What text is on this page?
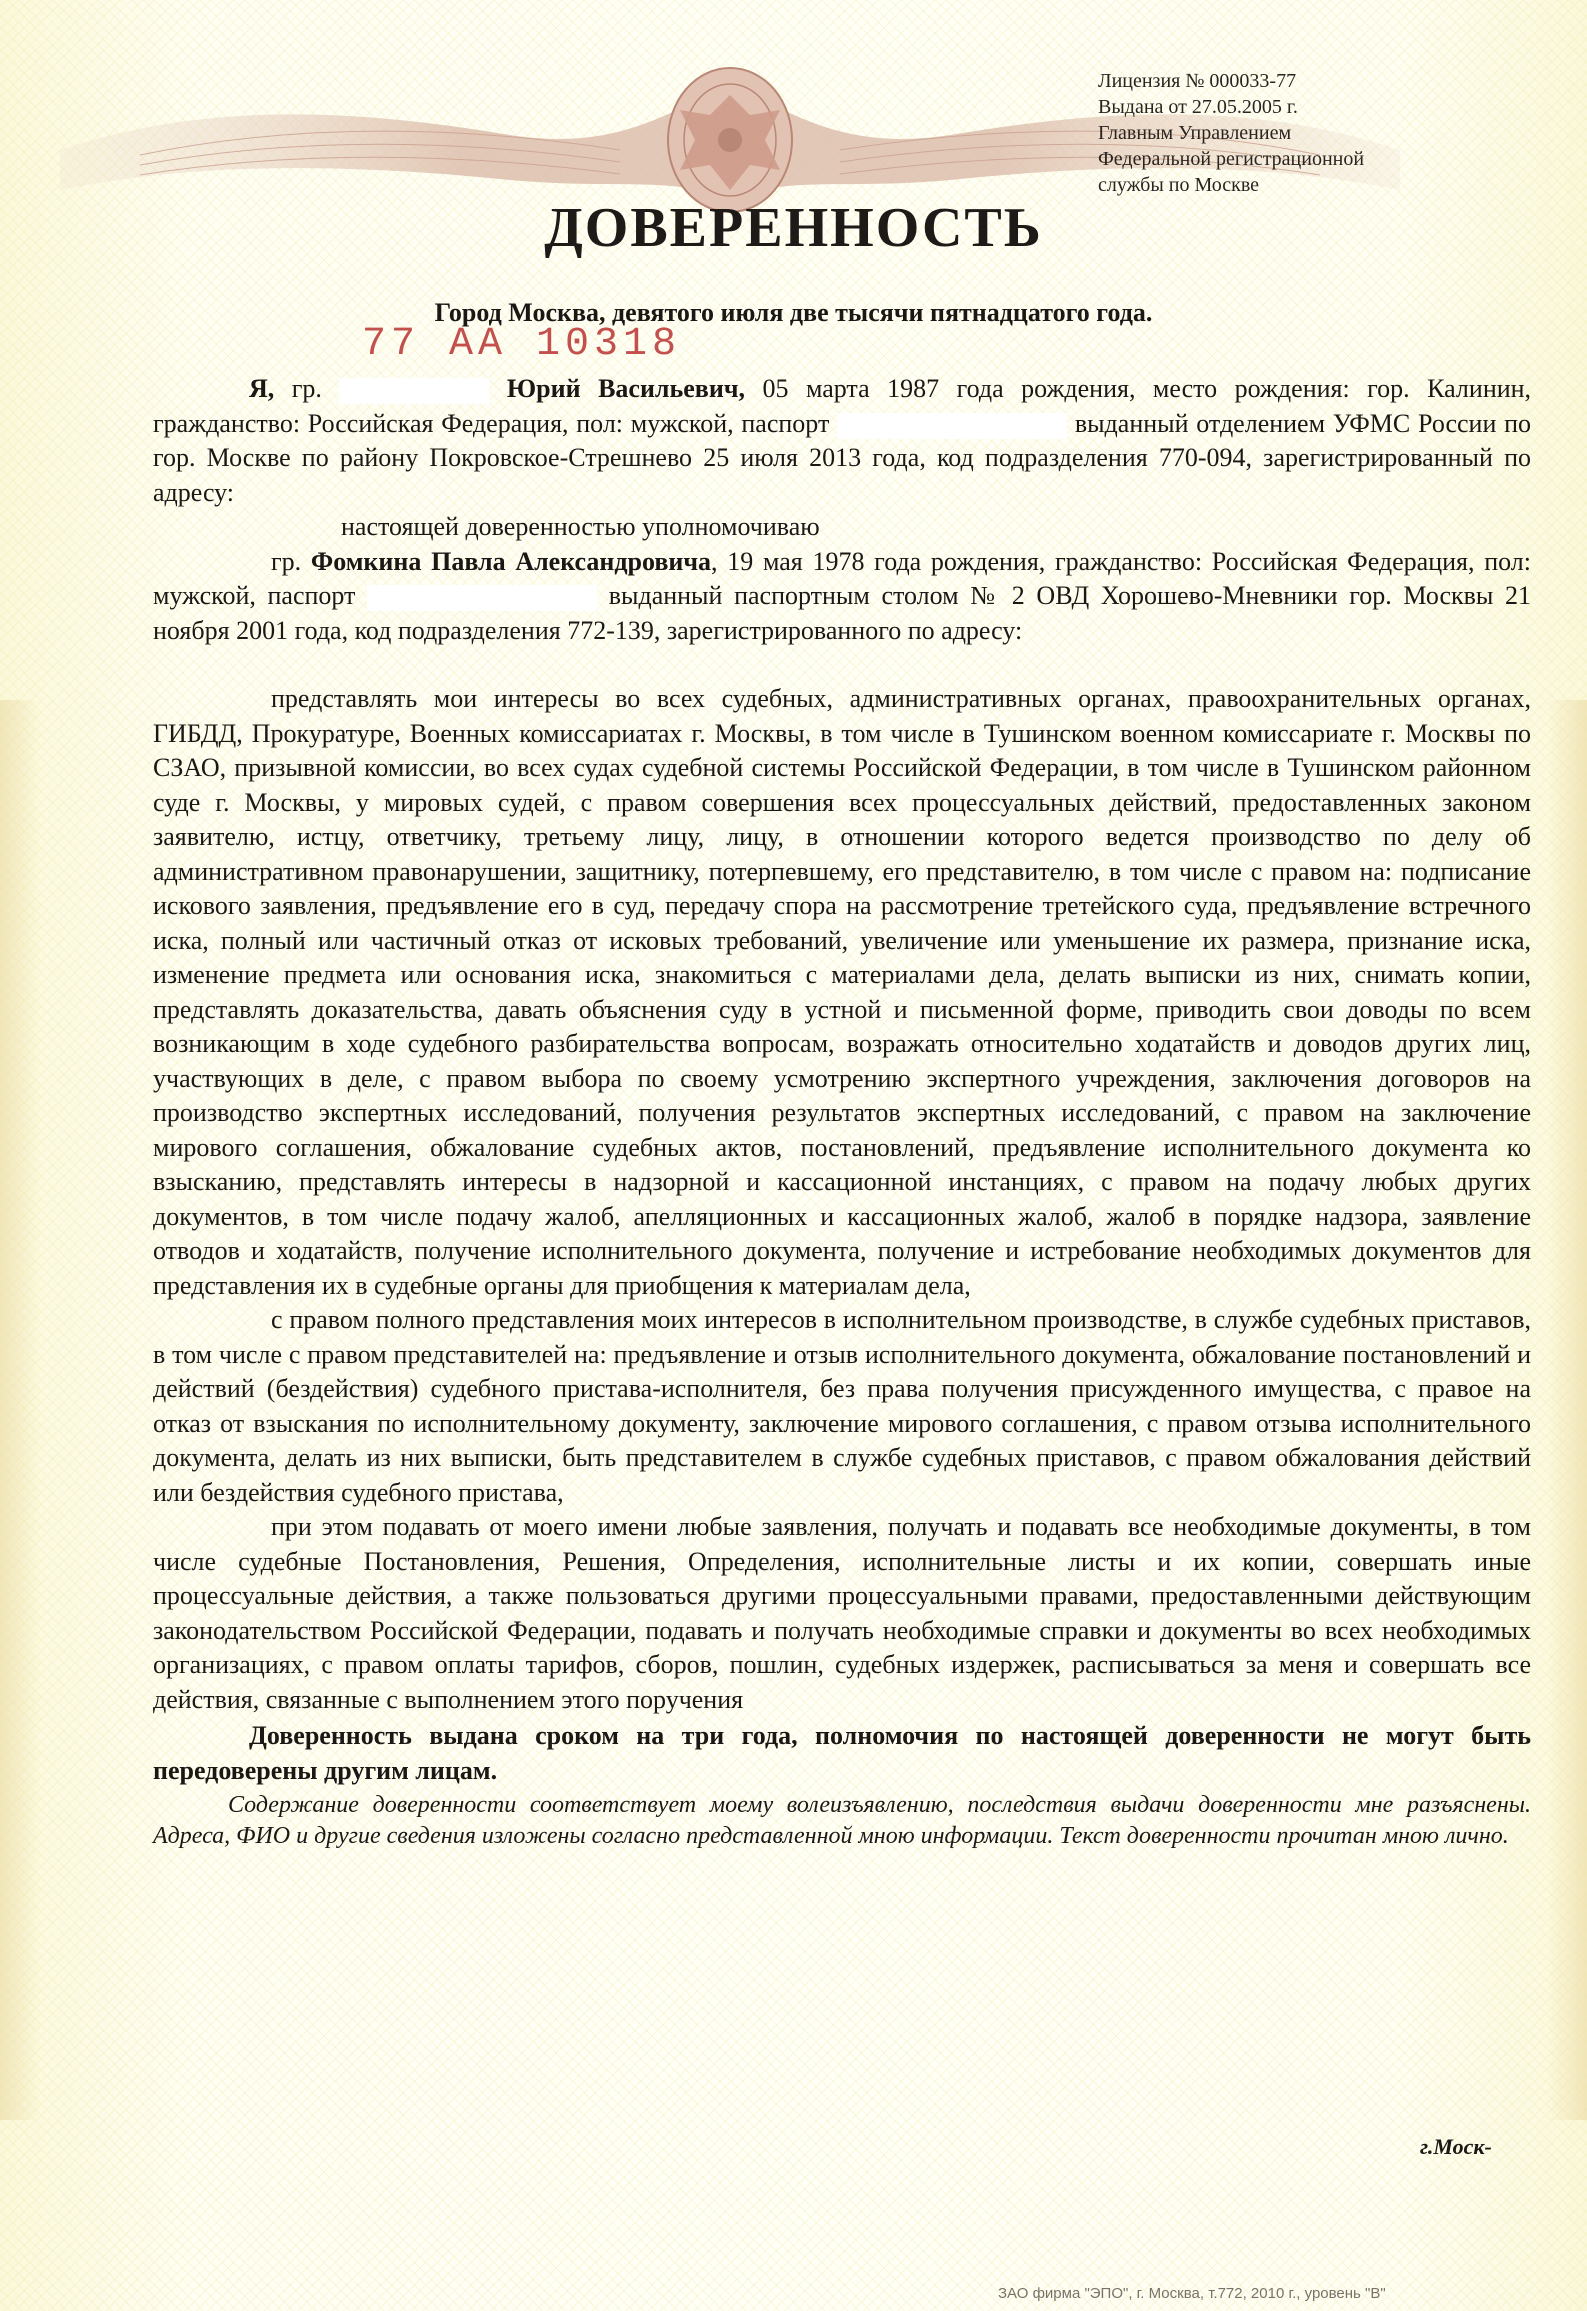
Лицензия № 000033-77
Выдана от 27.05.2005 г.
Главным Управлением
Федеральной регистрационной
службы по Москве
ДОВЕРЕННОСТЬ
Город Москва, девятого июля две тысячи пятнадцатого года.
77 АА 10318

Я, гр.	Юрий Васильевич, 05 марта 1987 года рождения, место рождения: гор. Калинин, гражданство: Российская Федерация, пол: мужской, паспорт	выданный отделением УФМС России по гор. Москве по району Покровское-Стрешнево 25 июля 2013 года, код подразделения 770-094, зарегистрированный по адресу:

настоящей доверенностью уполномочиваю

гр. Фомкина Павла Александровича, 19 мая 1978 года рождения, гражданство: Российская Федерация, пол: мужской, паспорт	выданный паспортным столом № 2 ОВД Хорошево-Мневники гор. Москвы 21 ноября 2001 года, код подразделения 772-139, зарегистрированного по адресу:

представлять мои интересы во всех судебных, административных органах, правоохранительных органах, ГИБДД, Прокуратуре, Военных комиссариатах г. Москвы, в том числе в Тушинском военном комиссариате г. Москвы по СЗАО, призывной комиссии, во всех судах судебной системы Российской Федерации, в том числе в Тушинском районном суде г. Москвы, у мировых судей, с правом совершения всех процессуальных действий, предоставленных законом заявителю, истцу, ответчику, третьему лицу, лицу, в отношении которого ведется производство по делу об административном правонарушении, защитнику, потерпевшему, его представителю, в том числе с правом на: подписание искового заявления, предъявление его в суд, передачу спора на рассмотрение третейского суда, предъявление встречного иска, полный или частичный отказ от исковых требований, увеличение или уменьшение их размера, признание иска, изменение предмета или основания иска, знакомиться с материалами дела, делать выписки из них, снимать копии, представлять доказательства, давать объяснения суду в устной и письменной форме, приводить свои доводы по всем возникающим в ходе судебного разбирательства вопросам, возражать относительно ходатайств и доводов других лиц, участвующих в деле, с правом выбора по своему усмотрению экспертного учреждения, заключения договоров на производство экспертных исследований, получения результатов экспертных исследований, с правом на заключение мирового соглашения, обжалование судебных актов, постановлений, предъявление исполнительного документа ко взысканию, представлять интересы в надзорной и кассационной инстанциях, с правом на подачу любых других документов, в том числе подачу жалоб, апелляционных и кассационных жалоб, жалоб в порядке надзора, заявление отводов и ходатайств, получение исполнительного документа, получение и истребование необходимых документов для представления их в судебные органы для приобщения к материалам дела,

с правом полного представления моих интересов в исполнительном производстве, в службе судебных приставов, в том числе с правом представителей на: предъявление и отзыв исполнительного документа, обжалование постановлений и действий (бездействия) судебного пристава-исполнителя, без права получения присужденного имущества, с правое на отказ от взыскания по исполнительному документу, заключение мирового соглашения, с правом отзыва исполнительного документа, делать из них выписки, быть представителем в службе судебных приставов, с правом обжалования действий или бездействия судебного пристава,

при этом подавать от моего имени любые заявления, получать и подавать все необходимые документы, в том числе судебные Постановления, Решения, Определения, исполнительные листы и их копии, совершать иные процессуальные действия, а также пользоваться другими процессуальными правами, предоставленными действующим законодательством Российской Федерации, подавать и получать необходимые справки и документы во всех необходимых организациях, с правом оплаты тарифов, сборов, пошлин, судебных издержек, расписываться за меня и совершать все действия, связанные с выполнением этого поручения

Доверенность выдана сроком на три года, полномочия по настоящей доверенности не могут быть передоверены другим лицам.

Содержание доверенности соответствует моему волеизъявлению, последствия выдачи доверенности мне разъяснены. Адреса, ФИО и другие сведения изложены согласно представленной мною информации. Текст доверенности прочитан мною лично.

г.Моск-
ЗАО фирма "ЭПО", г. Москва, т.772, 2010 г., уровень "В"
